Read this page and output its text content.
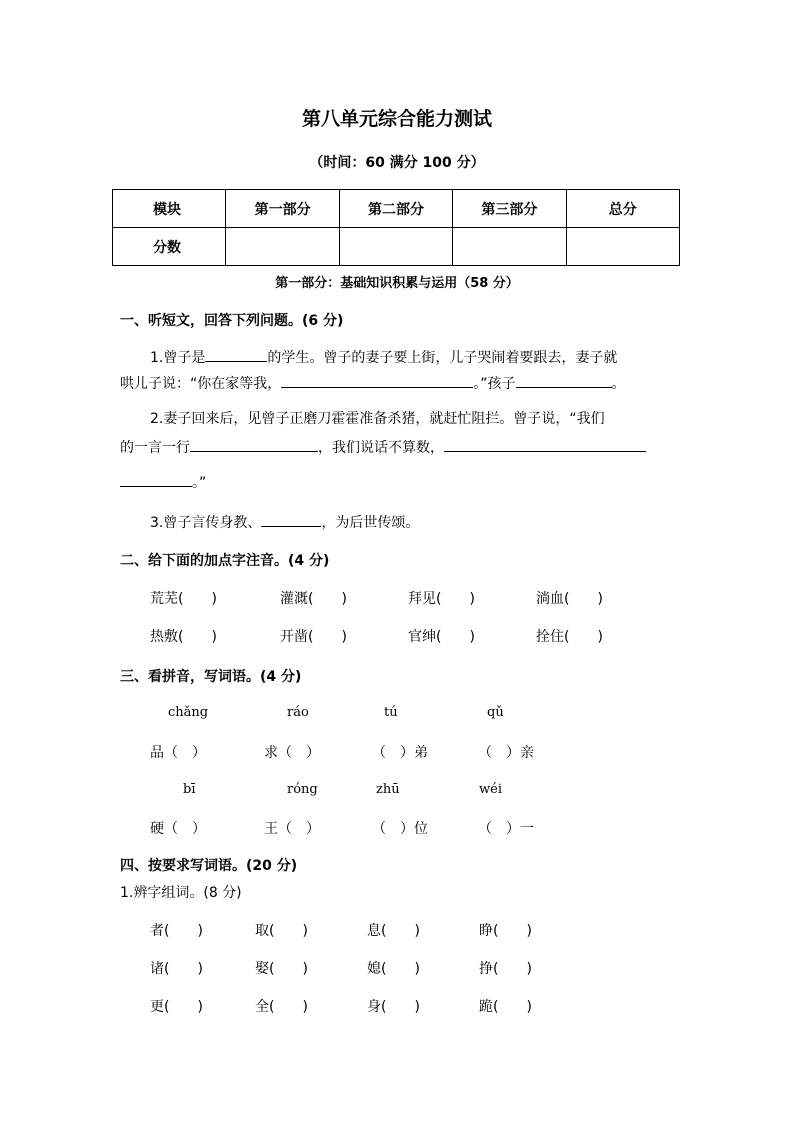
第八单元综合能力测试
（时间：60 满分 100 分）
模块	第一部分	第二部分	第三部分	总分
分数				
第一部分：基础知识积累与运用（58 分）
一、听短文，回答下列问题。(6 分)
1.曾子是	的学生。曾子的妻子要上街，儿子哭闹着要跟去，妻子就
哄儿子说：“你在家等我，	。”孩子	。
2.妻子回来后，见曾子正磨刀霍霍准备杀猪，就赶忙阻拦。曾子说，“我们
的一言一行	，我们说话不算数，
。”
3.曾子言传身教、	，为后世传颂。
二、给下面的加点字注音。(4 分)
荒芜(　　)	灌溉(　　)	拜见(　　)	淌血(　　)
热敷(　　)	开凿(　　)	官绅(　　)	拴住(　　)
三、看拼音，写词语。(4 分)
chǎng	ráo	tú	qǔ
品（　）	求（　）	（　）弟	（　）亲
bī	róng	zhū	wéi
硬（　）	王（　）	（　）位	（　）一
四、按要求写词语。(20 分)
1.辨字组词。(8 分)
者(　　)	取(　　)	息(　　)	睁(　　)
诸(　　)	娶(　　)	媳(　　)	挣(　　)
更(　　)	全(　　)	身(　　)	跪(　　)
